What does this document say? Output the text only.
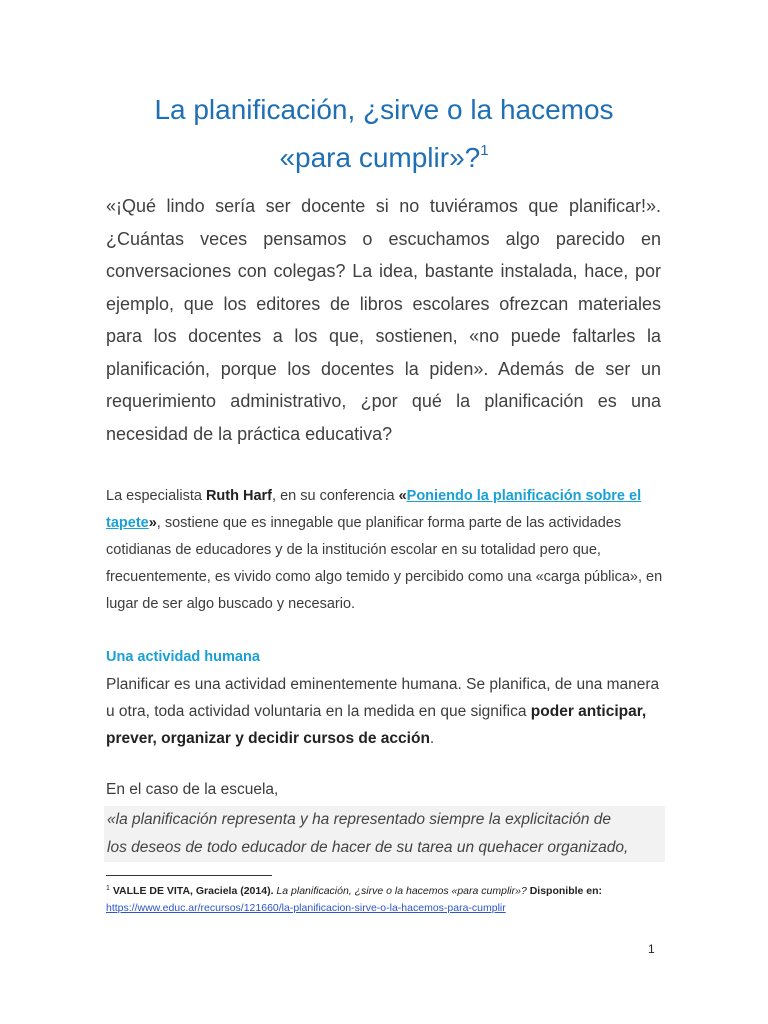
La planificación, ¿sirve o la hacemos
«para cumplir»?$^1$
«¡Qué lindo sería ser docente si no tuviéramos que planificar!».
¿Cuántas veces pensamos o escuchamos algo parecido en
conversaciones con colegas? La idea, bastante instalada, hace, por
ejemplo, que los editores de libros escolares ofrezcan materiales
para los docentes a los que, sostienen, «no puede faltarles la
planificación, porque los docentes la piden». Además de ser un
requerimiento administrativo, ¿por qué la planificación es una
necesidad de la práctica educativa?
La especialista Ruth Harf, en su conferencia «Poniendo la planificación sobre el tapete», sostiene que es innegable que planificar forma parte de las actividades cotidianas de educadores y de la institución escolar en su totalidad pero que, frecuentemente, es vivido como algo temido y percibido como una «carga pública», en lugar de ser algo buscado y necesario.
Una actividad humana
Planificar es una actividad eminentemente humana. Se planifica, de una manera u otra, toda actividad voluntaria en la medida en que significa poder anticipar, prever, organizar y decidir cursos de acción.
En el caso de la escuela,
«la planificación representa y ha representado siempre la explicitación de
los deseos de todo educador de hacer de su tarea un quehacer organizado,
$^1$ VALLE DE VITA, Graciela (2014). La planificación, ¿sirve o la hacemos «para cumplir»? Disponible en:
https://www.educ.ar/recursos/121660/la-planificacion-sirve-o-la-hacemos-para-cumplir
1
